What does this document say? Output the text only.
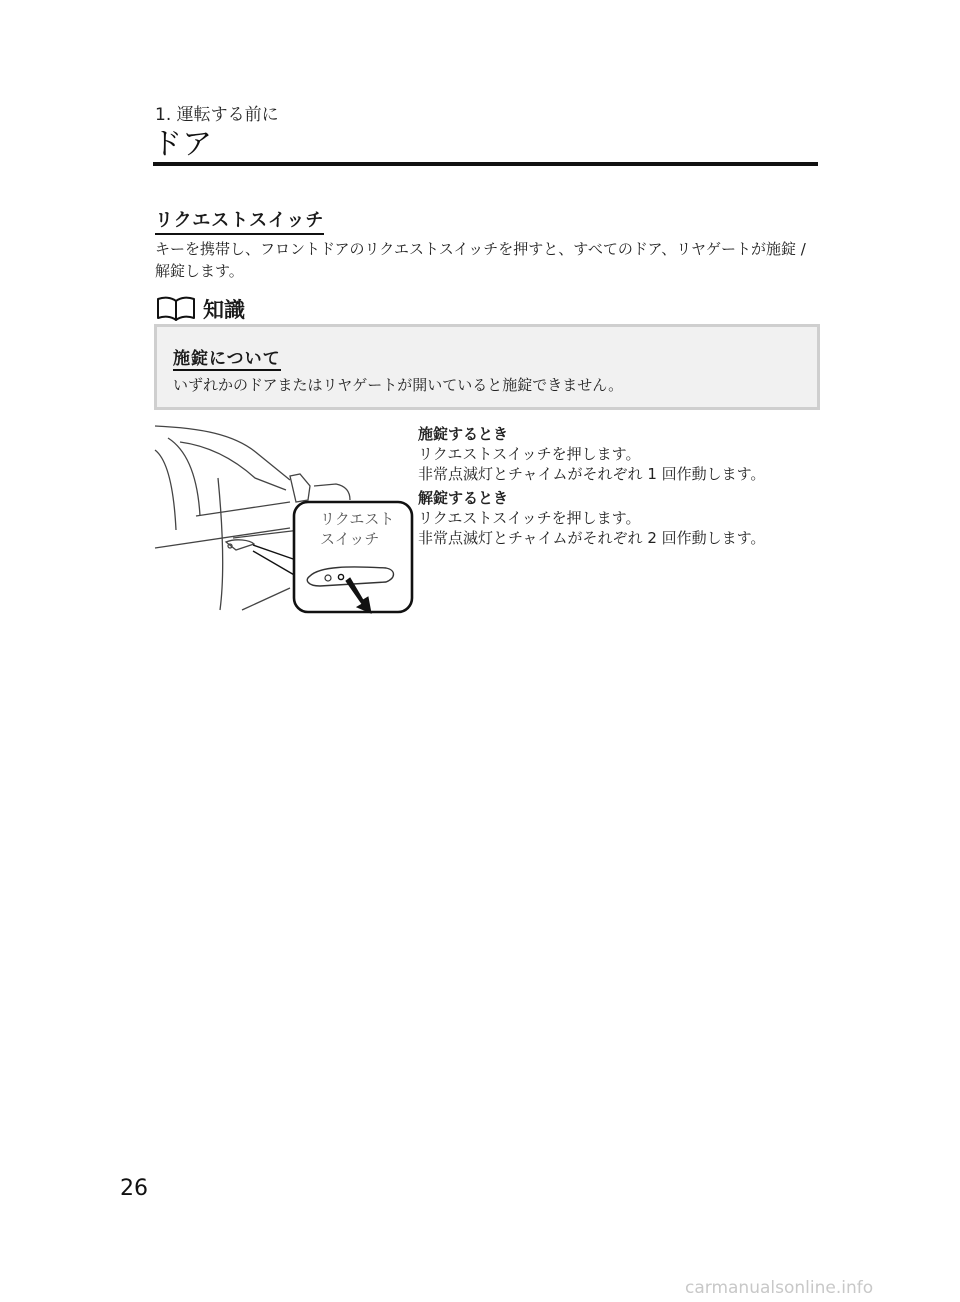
1. 運転する前に
ドア
リクエストスイッチ
キーを携帯し、フロントドアのリクエストスイッチを押すと、すべてのドア、リヤゲートが施錠 / 解錠します。
知識
施錠について
いずれかのドアまたはリヤゲートが開いていると施錠できません。
リクエスト
スイッチ
施錠するとき
リクエストスイッチを押します。
非常点滅灯とチャイムがそれぞれ 1 回作動します。
解錠するとき
リクエストスイッチを押します。
非常点滅灯とチャイムがそれぞれ 2 回作動します。
26
carmanualsonline.info
